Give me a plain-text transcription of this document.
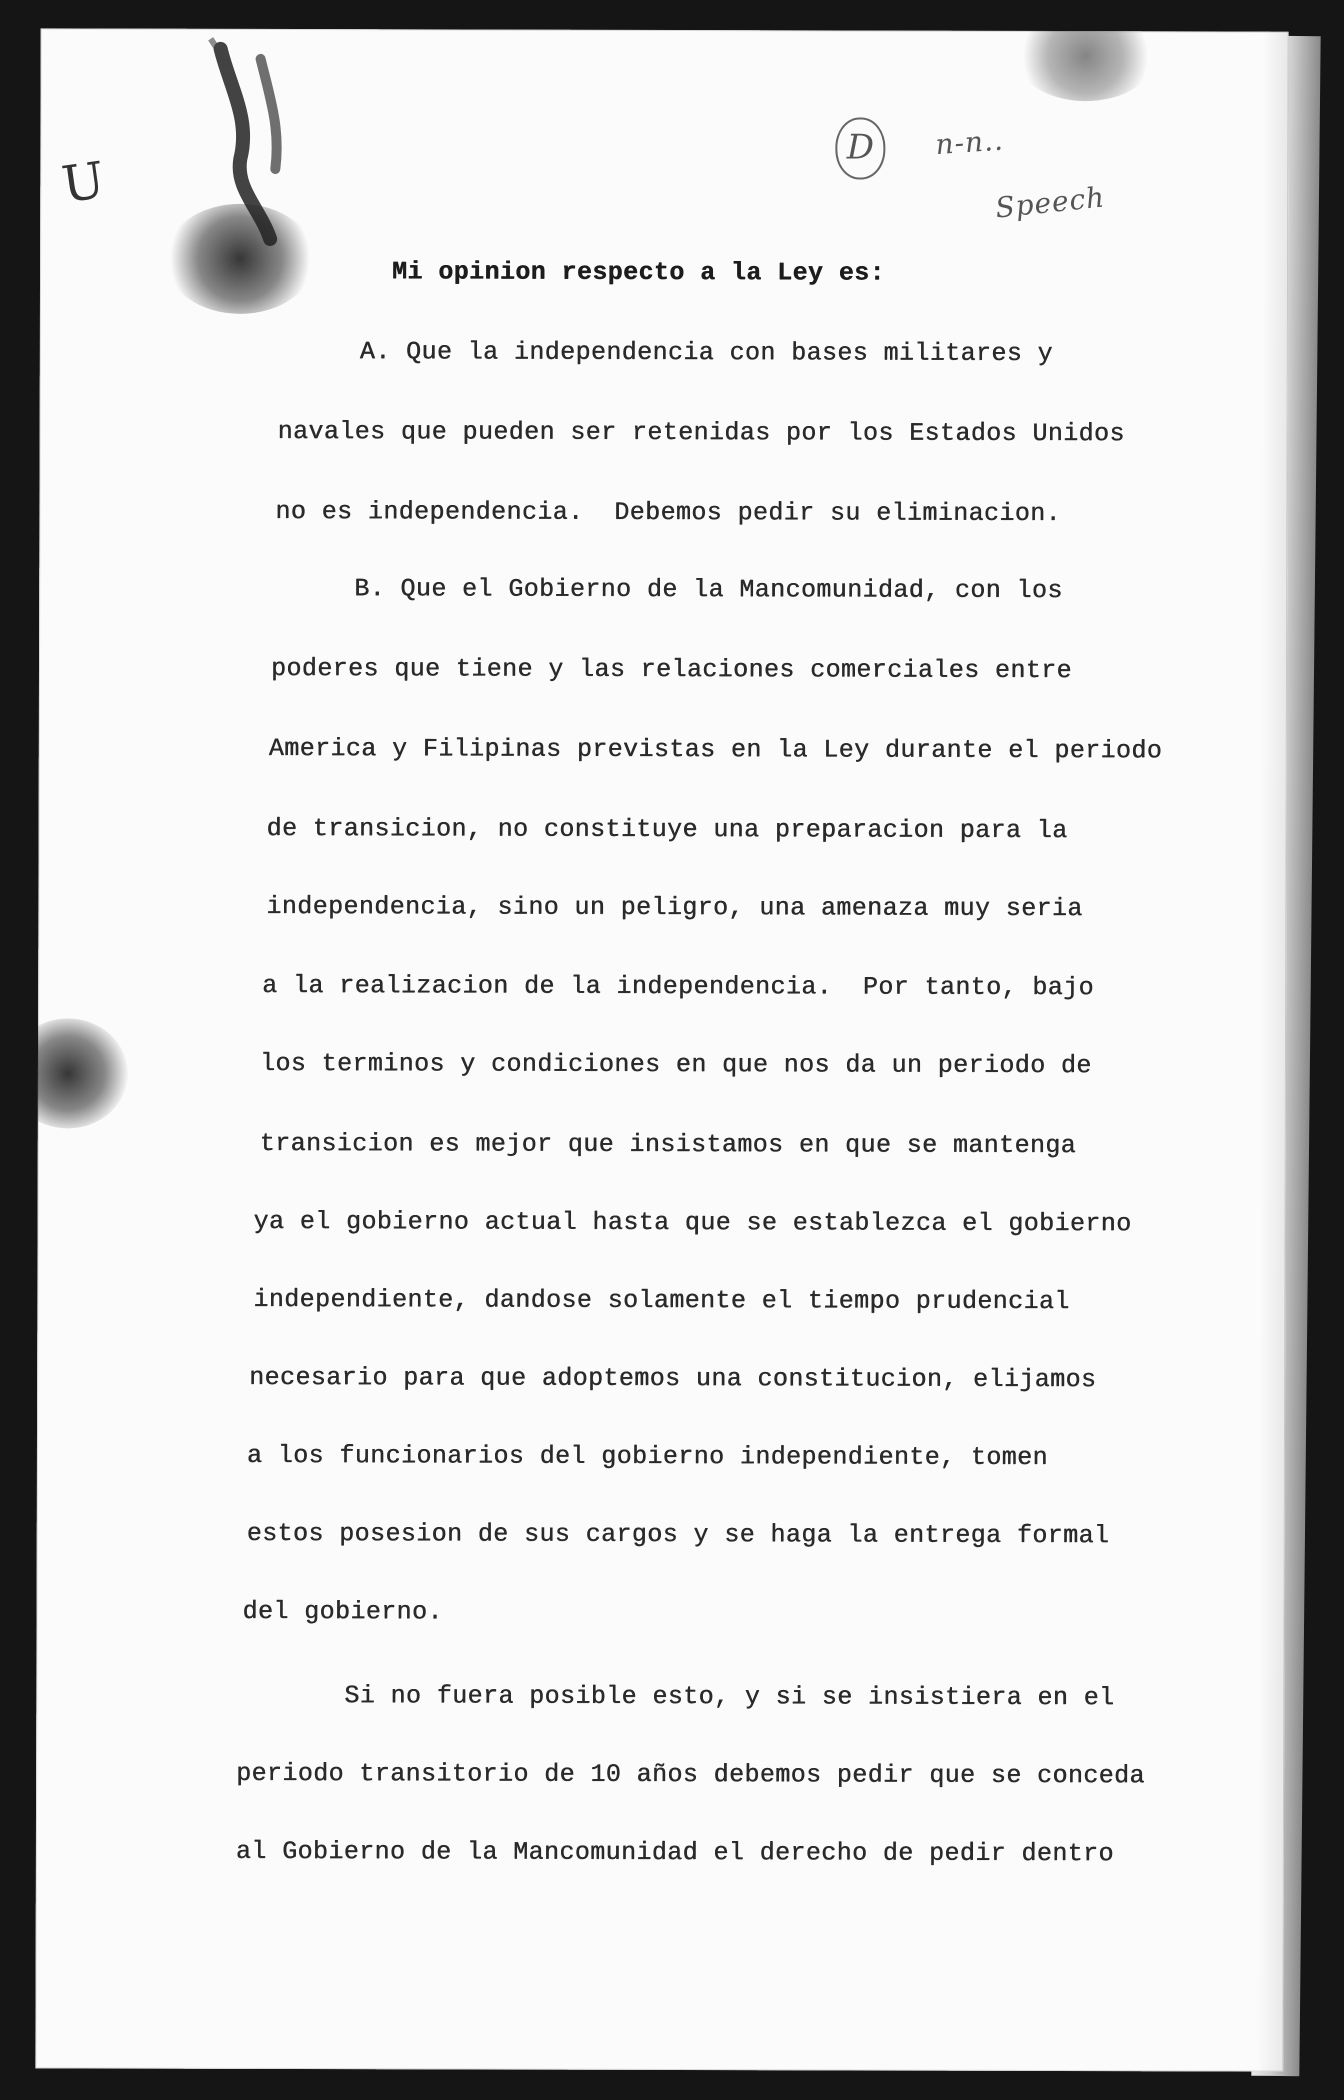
D	n-n..
Speech
U
Mi opinion respecto a la Ley es:
A. Que la independencia con bases militares y
navales que pueden ser retenidas por los Estados Unidos
no es independencia.  Debemos pedir su eliminacion.
B. Que el Gobierno de la Mancomunidad, con los
poderes que tiene y las relaciones comerciales entre
America y Filipinas previstas en la Ley durante el periodo
de transicion, no constituye una preparacion para la
independencia, sino un peligro, una amenaza muy seria
a la realizacion de la independencia.  Por tanto, bajo
los terminos y condiciones en que nos da un periodo de
transicion es mejor que insistamos en que se mantenga
ya el gobierno actual hasta que se establezca el gobierno
independiente, dandose solamente el tiempo prudencial
necesario para que adoptemos una constitucion, elijamos
a los funcionarios del gobierno independiente, tomen
estos posesion de sus cargos y se haga la entrega formal
del gobierno.
Si no fuera posible esto, y si se insistiera en el
periodo transitorio de 10 años debemos pedir que se conceda
al Gobierno de la Mancomunidad el derecho de pedir dentro
